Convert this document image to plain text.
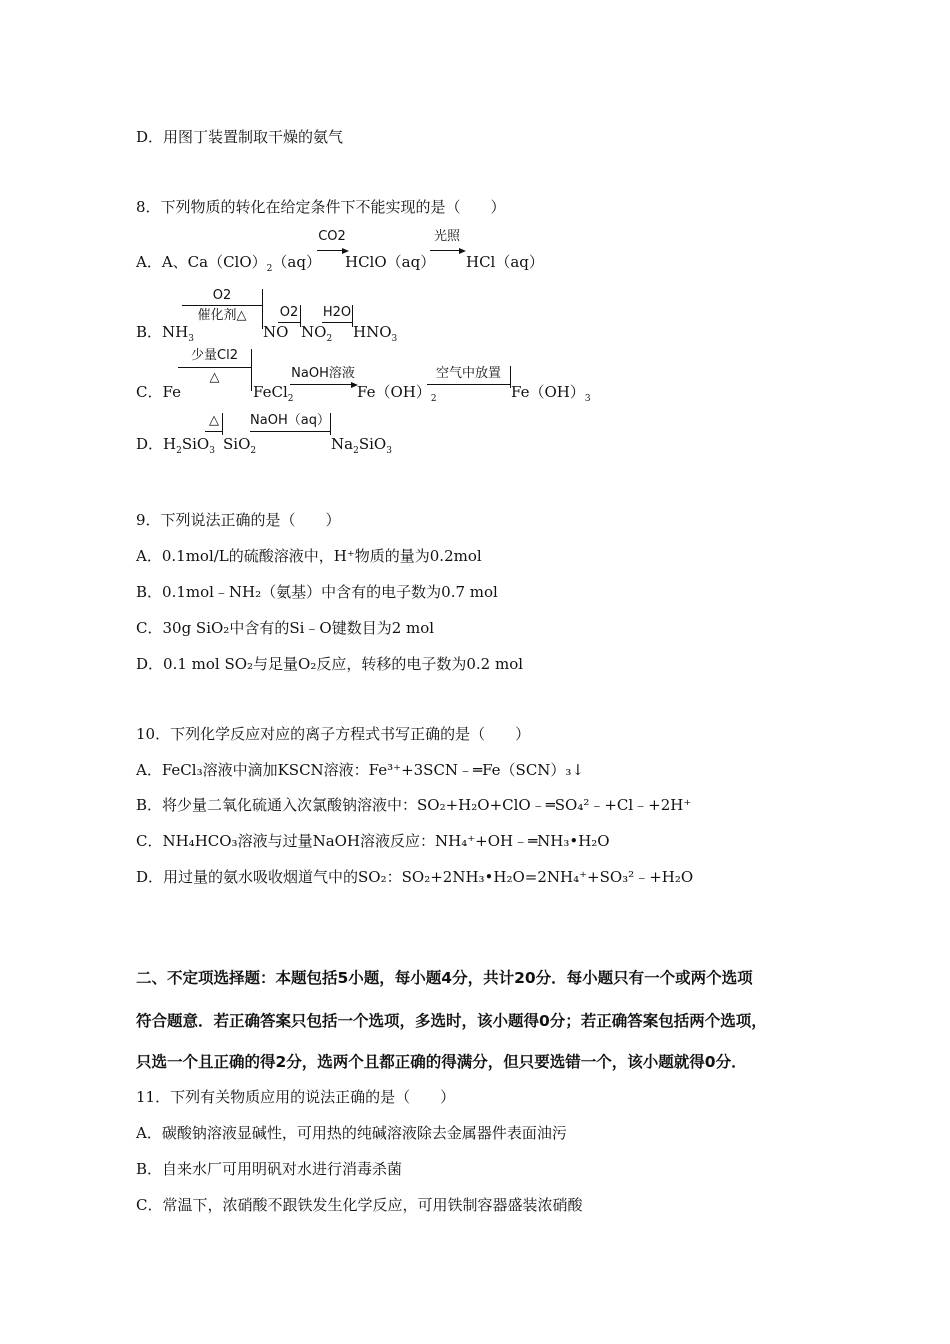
D．用图丁装置制取干燥的氨气
8．下列物质的转化在给定条件下不能实现的是（　　）
A．A、$Ca(ClO)_2(aq)$
CO2
HClO（aq）
光照
HCl（aq）
B．$NH_3$
O2
催化剂△
NO
O2
$NO_2$
H2O
$HNO_3$
C．Fe
少量Cl2
△
FeCl$_2$
NaOH溶液
$Fe(OH)_2$
空气中放置
$Fe(OH)_3$
D．$H_2SiO_3$
△
SiO$_2$
NaOH（aq）
$Na_2SiO_3$
9．下列说法正确的是（　　）
A．0.1mol/L的硫酸溶液中，H⁺物质的量为0.2mol
B．0.1mol﹣NH₂（氨基）中含有的电子数为0.7 mol
C．30g SiO₂中含有的Si﹣O键数目为2 mol
D．0.1 mol SO₂与足量O₂反应，转移的电子数为0.2 mol
10．下列化学反应对应的离子方程式书写正确的是（　　）
A．FeCl₃溶液中滴加KSCN溶液：Fe³⁺+3SCN﹣═Fe（SCN）₃↓
B．将少量二氧化硫通入次氯酸钠溶液中：SO₂+H₂O+ClO﹣═SO₄²﹣+Cl﹣+2H⁺
C．NH₄HCO₃溶液与过量NaOH溶液反应：NH₄⁺+OH﹣═NH₃•H₂O
D．用过量的氨水吸收烟道气中的SO₂：SO₂+2NH₃•H₂O=2NH₄⁺+SO₃²﹣+H₂O
二、不定项选择题：本题包括5小题，每小题4分，共计20分．每小题只有一个或两个选项
符合题意．若正确答案只包括一个选项，多选时，该小题得0分；若正确答案包括两个选项，
只选一个且正确的得2分，选两个且都正确的得满分，但只要选错一个，该小题就得0分．
11．下列有关物质应用的说法正确的是（　　）
A．碳酸钠溶液显碱性，可用热的纯碱溶液除去金属器件表面油污
B．自来水厂可用明矾对水进行消毒杀菌
C．常温下，浓硝酸不跟铁发生化学反应，可用铁制容器盛装浓硝酸
